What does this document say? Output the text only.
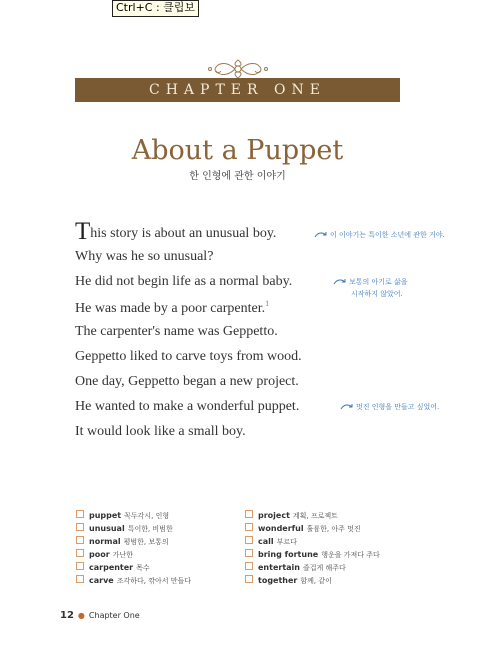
Ctrl+C : 클립보
CHAPTER ONE
About a Puppet
한 인형에 관한 이야기
This story is about an unusual boy.
Why was he so unusual?
He did not begin life as a normal baby.
He was made by a poor carpenter.$^1$
The carpenter's name was Geppetto.
Geppetto liked to carve toys from wood.
One day, Geppetto began a new project.
He wanted to make a wonderful puppet.
It would look like a small boy.
이 이야기는 특이한 소년에 관한 거야.
보통의 아기로 삶을
시작하지 않았어.
멋진 인형을 만들고 싶었어.
puppet 꼭두각시, 인형
unusual 특이한, 비범한
normal 평범한, 보통의
poor 가난한
carpenter 목수
carve 조각하다, 깎아서 만들다
project 계획, 프로젝트
wonderful 훌륭한, 아주 멋진
call 부르다
bring fortune 행운을 가져다 주다
entertain 즐겁게 해주다
together 함께, 같이
12 ● Chapter One
